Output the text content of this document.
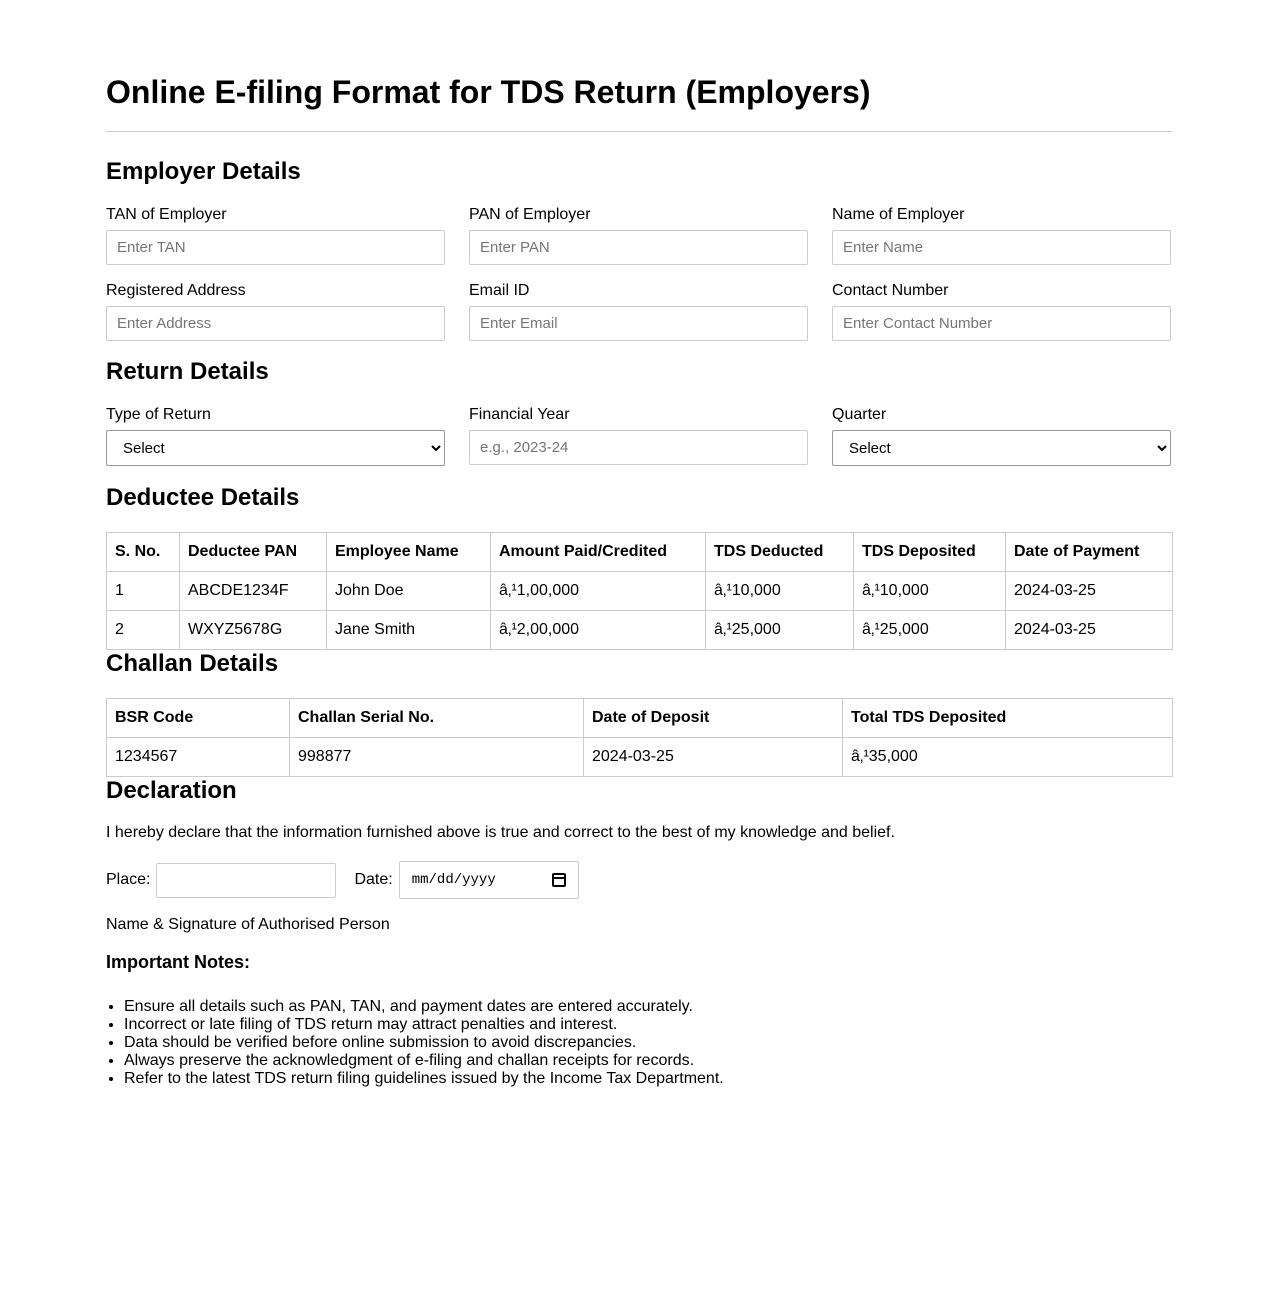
Online E-filing Format for TDS Return (Employers)
Employer Details
TAN of Employer
Enter TAN	PAN of Employer
Enter PAN	Name of Employer
Enter Name
Registered Address
Enter Address	Email ID
Enter Email	Contact Number
Enter Contact Number
Return Details
Type of Return
Select	Financial Year
e.g., 2023-24	Quarter
Select
Deductee Details
S. No.	Deductee PAN	Employee Name	Amount Paid/Credited	TDS Deducted	TDS Deposited	Date of Payment
1	ABCDE1234F	John Doe	â‚¹1,00,000	â‚¹10,000	â‚¹10,000	2024-03-25
2	WXYZ5678G	Jane Smith	â‚¹2,00,000	â‚¹25,000	â‚¹25,000	2024-03-25
Challan Details
BSR Code	Challan Serial No.	Date of Deposit	Total TDS Deposited
1234567	998877	2024-03-25	â‚¹35,000
Declaration
I hereby declare that the information furnished above is true and correct to the best of my knowledge and belief.
Place:	Date: mm/dd/yyyy
Name & Signature of Authorised Person
Important Notes:
• Ensure all details such as PAN, TAN, and payment dates are entered accurately.
• Incorrect or late filing of TDS return may attract penalties and interest.
• Data should be verified before online submission to avoid discrepancies.
• Always preserve the acknowledgment of e-filing and challan receipts for records.
• Refer to the latest TDS return filing guidelines issued by the Income Tax Department.
